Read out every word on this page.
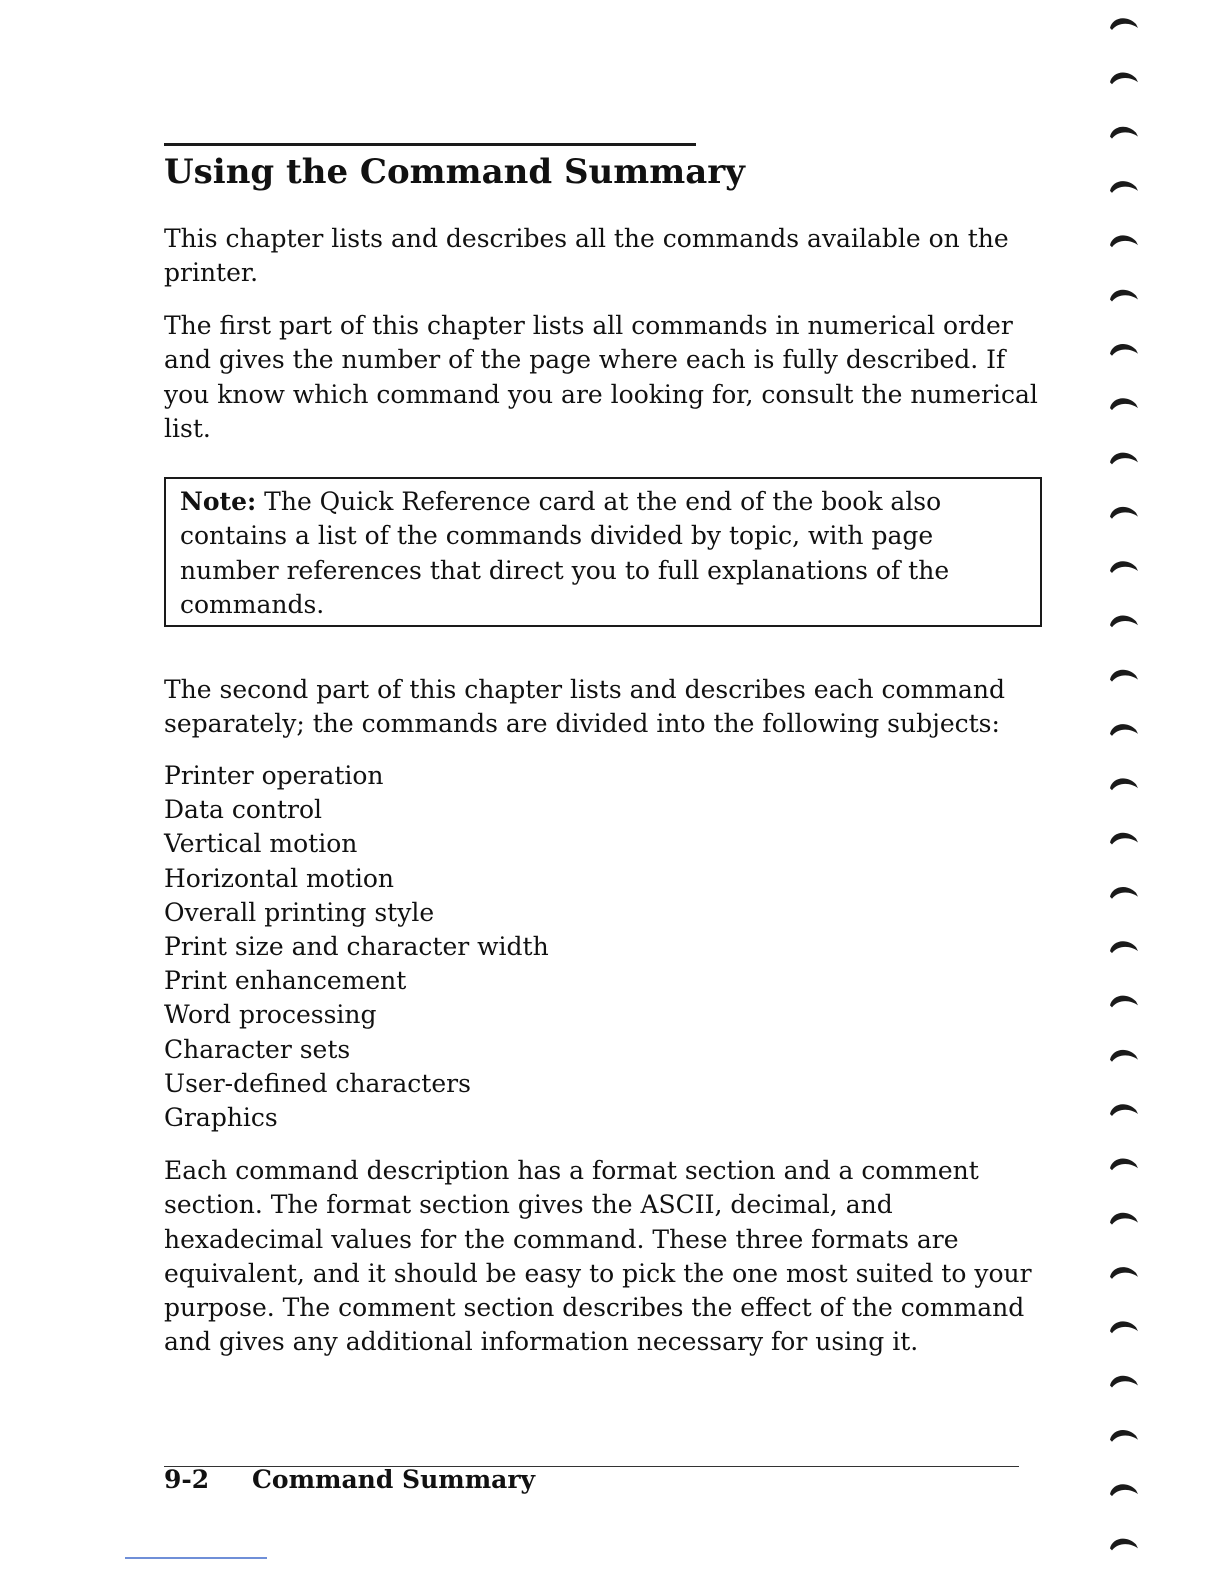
Using the Command Summary

This chapter lists and describes all the commands available on the printer.

The first part of this chapter lists all commands in numerical order and gives the number of the page where each is fully described. If you know which command you are looking for, consult the numerical list.

Note: The Quick Reference card at the end of the book also contains a list of the commands divided by topic, with page number references that direct you to full explanations of the commands.

The second part of this chapter lists and describes each command separately; the commands are divided into the following subjects:

Printer operation
Data control
Vertical motion
Horizontal motion
Overall printing style
Print size and character width
Print enhancement
Word processing
Character sets
User-defined characters
Graphics

Each command description has a format section and a comment section. The format section gives the ASCII, decimal, and hexadecimal values for the command. These three formats are equivalent, and it should be easy to pick the one most suited to your purpose. The comment section describes the effect of the command and gives any additional information necessary for using it.

9-2 Command Summary
